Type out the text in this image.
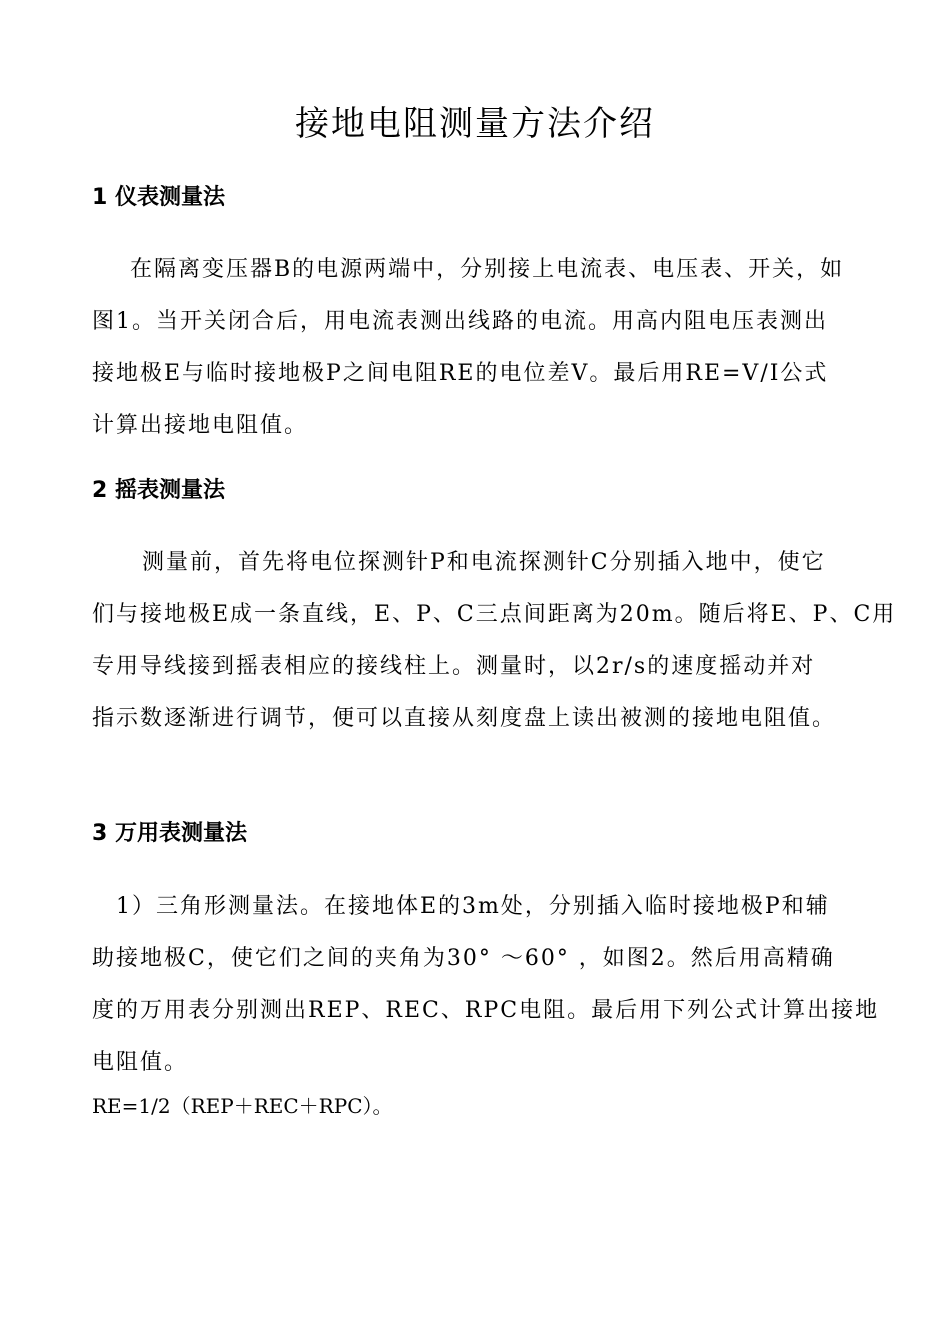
接地电阻测量方法介绍
1 仪表测量法
在隔离变压器B的电源两端中，分别接上电流表、电压表、开关，如
图1。当开关闭合后，用电流表测出线路的电流。用高内阻电压表测出
接地极E与临时接地极P之间电阻RE的电位差V。最后用RE=V/I公式
计算出接地电阻值。
2 摇表测量法
测量前，首先将电位探测针P和电流探测针C分别插入地中，使它
们与接地极E成一条直线，E、P、C三点间距离为20m。随后将E、P、C用
专用导线接到摇表相应的接线柱上。测量时，以2r/s的速度摇动并对
指示数逐渐进行调节，便可以直接从刻度盘上读出被测的接地电阻值。
3 万用表测量法
1）三角形测量法。在接地体E的3m处，分别插入临时接地极P和辅
助接地极C，使它们之间的夹角为30° ～60° ，如图2。然后用高精确
度的万用表分别测出REP、REC、RPC电阻。最后用下列公式计算出接地
电阻值。
RE=1/2（REP＋REC＋RPC）。
